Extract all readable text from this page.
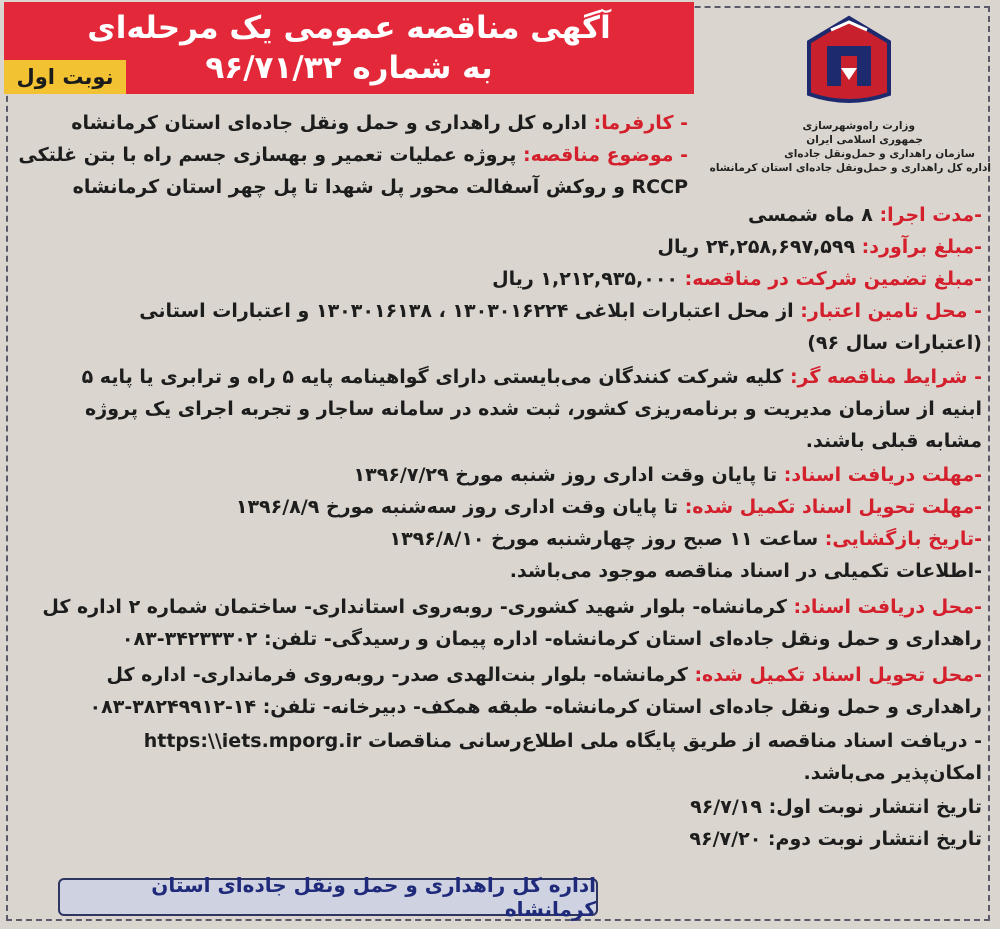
آگهی مناقصه عمومی یک مرحله‌ای
به شماره ۹۶/۷۱/۳۲
نوبت اول
وزارت راه‌وشهرسازی
جمهوری اسلامی ایران
سازمان راهداری و حمل‌ونقل جاده‌ای
اداره کل راهداری و حمل‌ونقل جاده‌ای استان کرمانشاه
- کارفرما: اداره کل راهداری و حمل ونقل جاده‌ای استان کرمانشاه
- موضوع مناقصه: پروژه عملیات تعمیر و بهسازی جسم راه با بتن غلتکی
RCCP و روکش آسفالت محور پل شهدا تا پل چهر استان کرمانشاه
-مدت اجرا: ۸ ماه شمسی
-مبلغ برآورد: ۲۴,۲۵۸,۶۹۷,۵۹۹ ریال
-مبلغ تضمین شرکت در مناقصه: ۱,۲۱۲,۹۳۵,۰۰۰ ریال
- محل تامین اعتبار: از محل اعتبارات ابلاغی ۱۳۰۳۰۱۶۲۲۴ ، ۱۳۰۳۰۱۶۱۳۸ و اعتبارات استانی
(اعتبارات سال ۹۶)
- شرایط مناقصه گر: کلیه شرکت کنندگان می‌بایستی دارای گواهینامه پایه ۵ راه و ترابری یا پایه ۵
ابنیه از سازمان مدیریت و برنامه‌ریزی کشور، ثبت شده در سامانه ساجار و تجربه اجرای یک پروژه
مشابه قبلی باشند.
-مهلت دریافت اسناد: تا پایان وقت اداری روز شنبه مورخ ۱۳۹۶/۷/۲۹
-مهلت تحویل اسناد تکمیل شده: تا پایان وقت اداری روز سه‌شنبه مورخ ۱۳۹۶/۸/۹
-تاریخ بازگشایی: ساعت ۱۱ صبح روز چهارشنبه مورخ ۱۳۹۶/۸/۱۰
-اطلاعات تکمیلی در اسناد مناقصه موجود می‌باشد.
-محل دریافت اسناد: کرمانشاه- بلوار شهید کشوری- روبه‌روی استانداری- ساختمان شماره ۲ اداره کل
راهداری و حمل ونقل جاده‌ای استان کرمانشاه- اداره پیمان و رسیدگی- تلفن: ۳۴۲۳۳۳۰۲-۰۸۳
-محل تحویل اسناد تکمیل شده: کرمانشاه- بلوار بنت‌الهدی صدر- روبه‌روی فرمانداری- اداره کل
راهداری و حمل ونقل جاده‌ای استان کرمانشاه- طبقه همکف- دبیرخانه- تلفن: ۱۴-۳۸۲۴۹۹۱۲-۰۸۳
- دریافت اسناد مناقصه از طریق پایگاه ملی اطلاع‌رسانی مناقصات https:\\iets.mporg.ir
امکان‌پذیر می‌باشد.
تاریخ انتشار نوبت اول: ۹۶/۷/۱۹
تاریخ انتشار نوبت دوم: ۹۶/۷/۲۰
اداره کل راهداری و حمل ونقل جاده‌ای استان کرمانشاه
